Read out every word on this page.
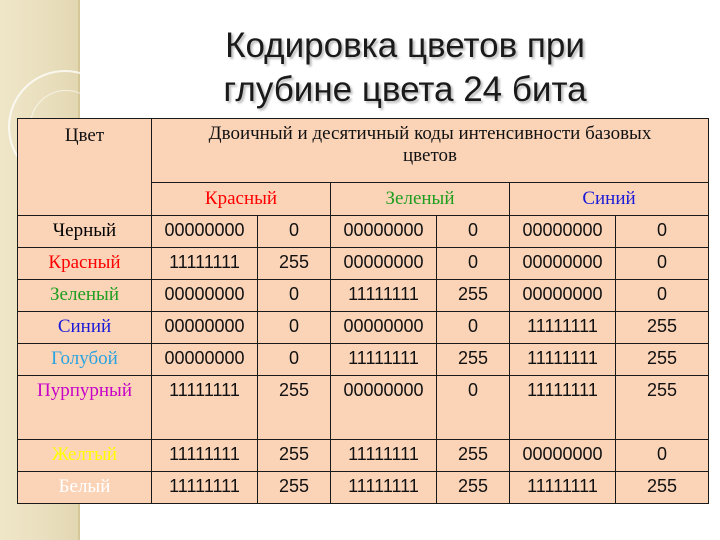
Кодировка цветов при
глубине цвета 24 бита
Цвет	Двоичный и десятичный коды интенсивности базовых цветов					
	Красный		Зеленый		Синий	
Черный	00000000	0	00000000	0	00000000	0
Красный	11111111	255	00000000	0	00000000	0
Зеленый	00000000	0	11111111	255	00000000	0
Синий	00000000	0	00000000	0	11111111	255
Голубой	00000000	0	11111111	255	11111111	255
Пурпурный	11111111	255	00000000	0	11111111	255
Желтый	11111111	255	11111111	255	00000000	0
Белый	11111111	255	11111111	255	11111111	255
